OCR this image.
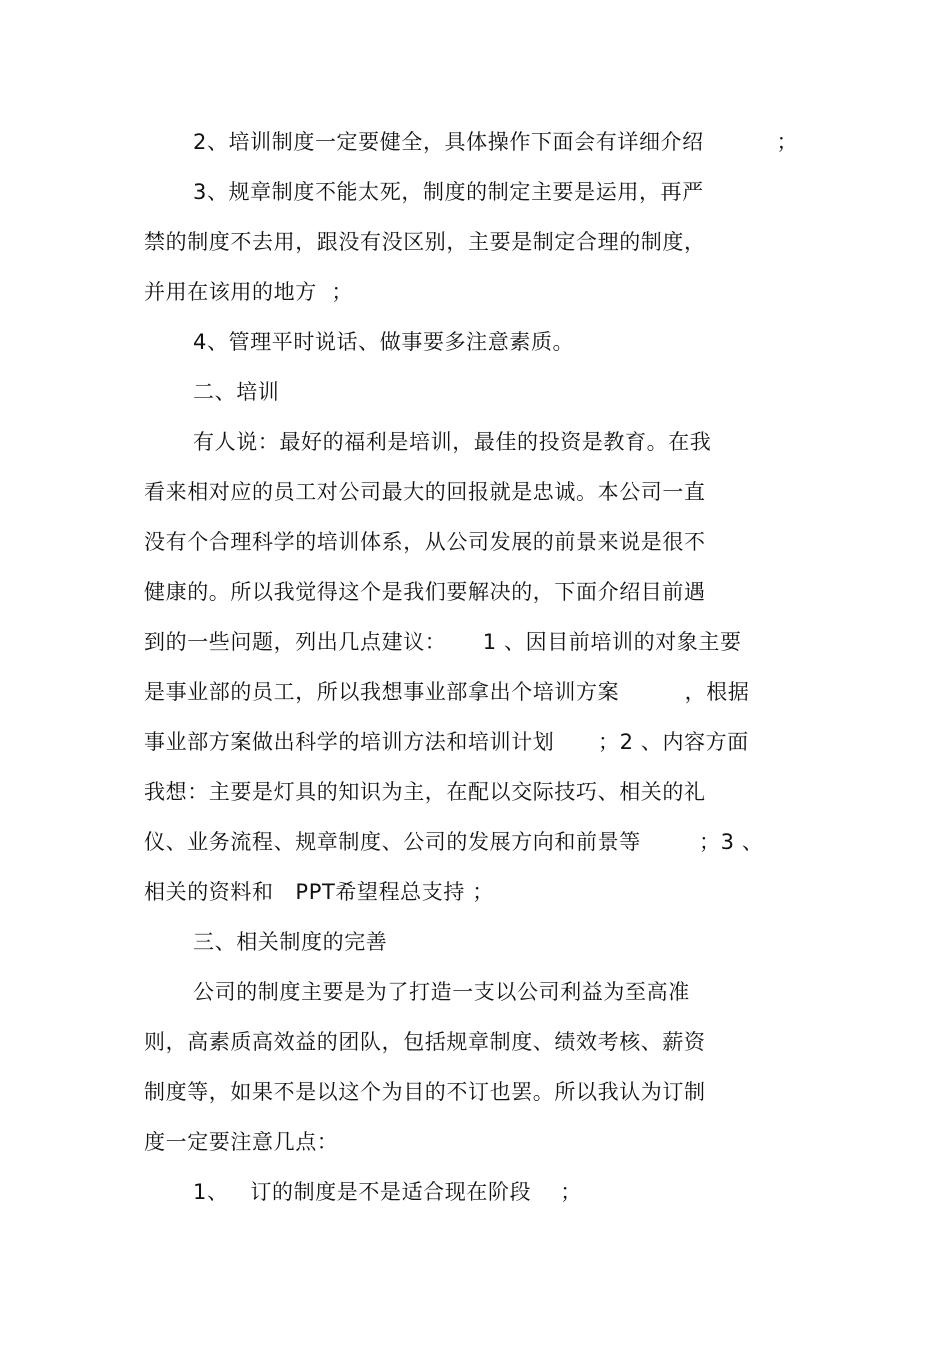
2、培训制度一定要健全，具体操作下面会有详细介绍          ；
3、规章制度不能太死，制度的制定主要是运用，再严
禁的制度不去用，跟没有没区别，主要是制定合理的制度，
并用在该用的地方  ；
4、管理平时说话、做事要多注意素质。
二、培训
有人说：最好的福利是培训，最佳的投资是教育。在我
看来相对应的员工对公司最大的回报就是忠诚。本公司一直
没有个合理科学的培训体系，从公司发展的前景来说是很不
健康的。所以我觉得这个是我们要解决的，下面介绍目前遇
到的一些问题，列出几点建议：     1 、因目前培训的对象主要
是事业部的员工，所以我想事业部拿出个培训方案         ，根据
事业部方案做出科学的培训方法和培训计划      ；2 、内容方面
我想：主要是灯具的知识为主，在配以交际技巧、相关的礼
仪、业务流程、规章制度、公司的发展方向和前景等        ；3 、
相关的资料和   PPT希望程总支持 ；
三、相关制度的完善
公司的制度主要是为了打造一支以公司利益为至高准
则，高素质高效益的团队，包括规章制度、绩效考核、薪资
制度等，如果不是以这个为目的不订也罢。所以我认为订制
度一定要注意几点：
1、   订的制度是不是适合现在阶段    ；
